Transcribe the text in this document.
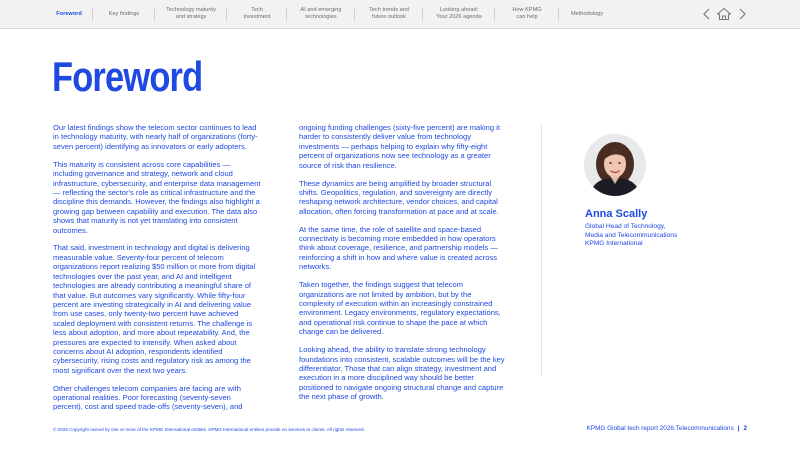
Foreword	Key findings
Technology maturity
and strategy
Tech
investment
AI and emerging
technologies
Tech trends and
future outlook
Looking ahead:
Your 2026 agenda
How KPMG
can help
Methodology
Foreword

Our latest findings show the telecom sector continues to lead in technology maturity, with nearly half of organizations (forty-seven percent) identifying as innovators or early adopters.

This maturity is consistent across core capabilities — including governance and strategy, network and cloud infrastructure, cybersecurity, and enterprise data management — reflecting the sector's role as critical infrastructure and the discipline this demands. However, the findings also highlight a growing gap between capability and execution. The data also shows that maturity is not yet translating into consistent outcomes.

That said, investment in technology and digital is delivering measurable value. Seventy-four percent of telecom organizations report realizing $50 million or more from digital technologies over the past year, and AI and intelligent technologies are already contributing a meaningful share of that value. But outcomes vary significantly. While fifty-four percent are investing strategically in AI and delivering value from use cases, only twenty-two percent have achieved scaled deployment with consistent returns. The challenge is less about adoption, and more about repeatability. And, the pressures are expected to intensify. When asked about concerns about AI adoption, respondents identified cybersecurity, rising costs and regulatory risk as among the most significant over the next two years.

Other challenges telecom companies are facing are with operational realities. Poor forecasting (seventy-seven percent), cost and speed trade-offs (seventy-seven), and

ongoing funding challenges (sixty-five percent) are making it harder to consistently deliver value from technology investments — perhaps helping to explain why fifty-eight percent of organizations now see technology as a greater source of risk than resilience.

These dynamics are being amplified by broader structural shifts. Geopolitics, regulation, and sovereignty are directly reshaping network architecture, vendor choices, and capital allocation, often forcing transformation at pace and at scale.

At the same time, the role of satellite and space-based connectivity is becoming more embedded in how operators think about coverage, resilience, and partnership models — reinforcing a shift in how and where value is created across networks.

Taken together, the findings suggest that telecom organizations are not limited by ambition, but by the complexity of execution within an increasingly constrained environment. Legacy environments, regulatory expectations, and operational risk continue to shape the pace at which change can be delivered.

Looking ahead, the ability to translate strong technology foundations into consistent, scalable outcomes will be the key differentiator. Those that can align strategy, investment and execution in a more disciplined way should be better positioned to navigate ongoing structural change and capture the next phase of growth.

Anna Scally
Global Head of Technology,
Media and Telecommunications
KPMG International
© 2026 Copyright owned by one or more of the KPMG International entities. KPMG International entities provide no services to clients. All rights reserved.	KPMG Global tech report 2026:Telecommunications | 2
